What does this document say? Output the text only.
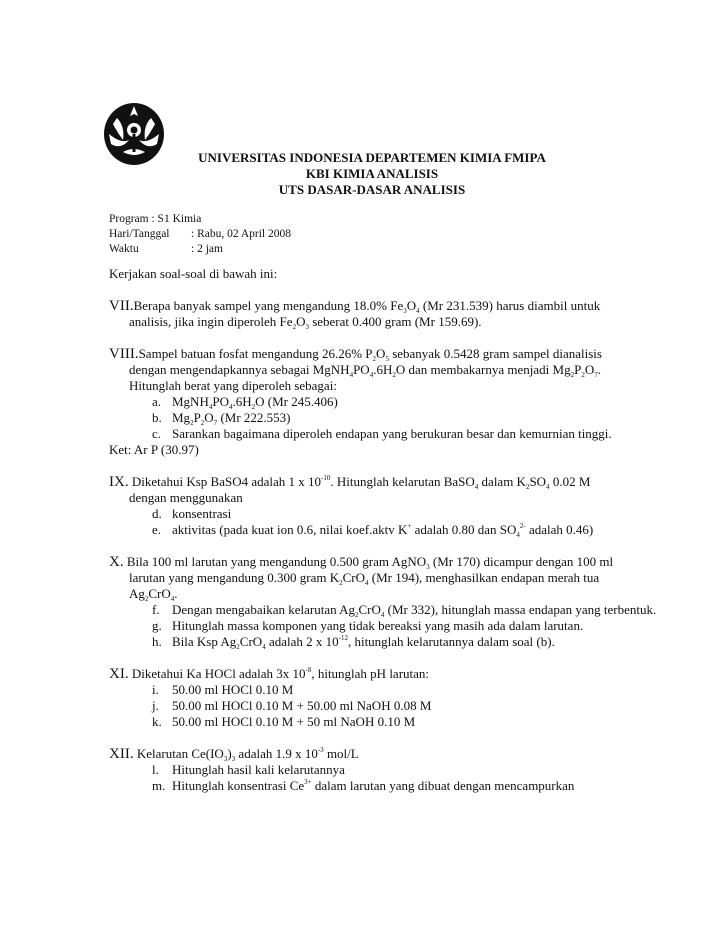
UNIVERSITAS INDONESIA DEPARTEMEN KIMIA FMIPA
KBI KIMIA ANALISIS
UTS DASAR-DASAR ANALISIS
Program : S1 Kimia
Hari/Tanggal	: Rabu, 02 April 2008
Waktu	: 2 jam

Kerjakan soal-soal di bawah ini:

VII.Berapa banyak sampel yang mengandung 18.0% $Fe_3O_4$ (Mr 231.539) harus diambil untuk
analisis, jika ingin diperoleh $Fe_2O_3$ seberat 0.400 gram (Mr 159.69).
VIII.Sampel batuan fosfat mengandung 26.26% $P_2O_5$ sebanyak 0.5428 gram sampel dianalisis
dengan mengendapkannya sebagai $MgNH_4PO_4.6H_2O$ dan membakarnya menjadi $Mg_2P_2O_7$.
Hitunglah berat yang diperoleh sebagai:
a. $MgNH_4PO_4.6H_2O$ (Mr 245.406)
b. $Mg_2P_2O_7$ (Mr 222.553)
c. Sarankan bagaimana diperoleh endapan yang berukuran besar dan kemurnian tinggi.
Ket: Ar P (30.97)
IX. Diketahui Ksp BaSO4 adalah 1 x $10^{-10}$. Hitunglah kelarutan BaSO$_4$ dalam $K_2SO_4$ 0.02 M
dengan menggunakan
d. konsentrasi
e. aktivitas (pada kuat ion 0.6, nilai koef.aktv K+ adalah 0.80 dan $SO_4^{2-}$ adalah 0.46)
X. Bila 100 ml larutan yang mengandung 0.500 gram AgNO$_3$ (Mr 170) dicampur dengan 100 ml
larutan yang mengandung 0.300 gram $K_2CrO_4$ (Mr 194), menghasilkan endapan merah tua
$Ag_2CrO_4$.
f. Dengan mengabaikan kelarutan $Ag_2CrO_4$ (Mr 332), hitunglah massa endapan yang terbentuk.
g. Hitunglah massa komponen yang tidak bereaksi yang masih ada dalam larutan.
h. Bila Ksp $Ag_2CrO_4$ adalah 2 x $10^{-12}$, hitunglah kelarutannya dalam soal (b).
XI. Diketahui Ka HOCl adalah 3x $10^{-8}$, hitunglah pH larutan:
i.	50.00 ml HOCl 0.10 M
j.	50.00 ml HOCl 0.10 M + 50.00 ml NaOH 0.08 M
k. 50.00 ml HOCl 0.10 M + 50 ml NaOH 0.10 M
XII. Kelarutan $Ce(IO_3)_3$ adalah 1.9 x $10^{-3}$ mol/L
l.	Hitunglah hasil kali kelarutannya
m. Hitunglah konsentrasi $Ce^{3+}$ dalam larutan yang dibuat dengan mencampurkan
